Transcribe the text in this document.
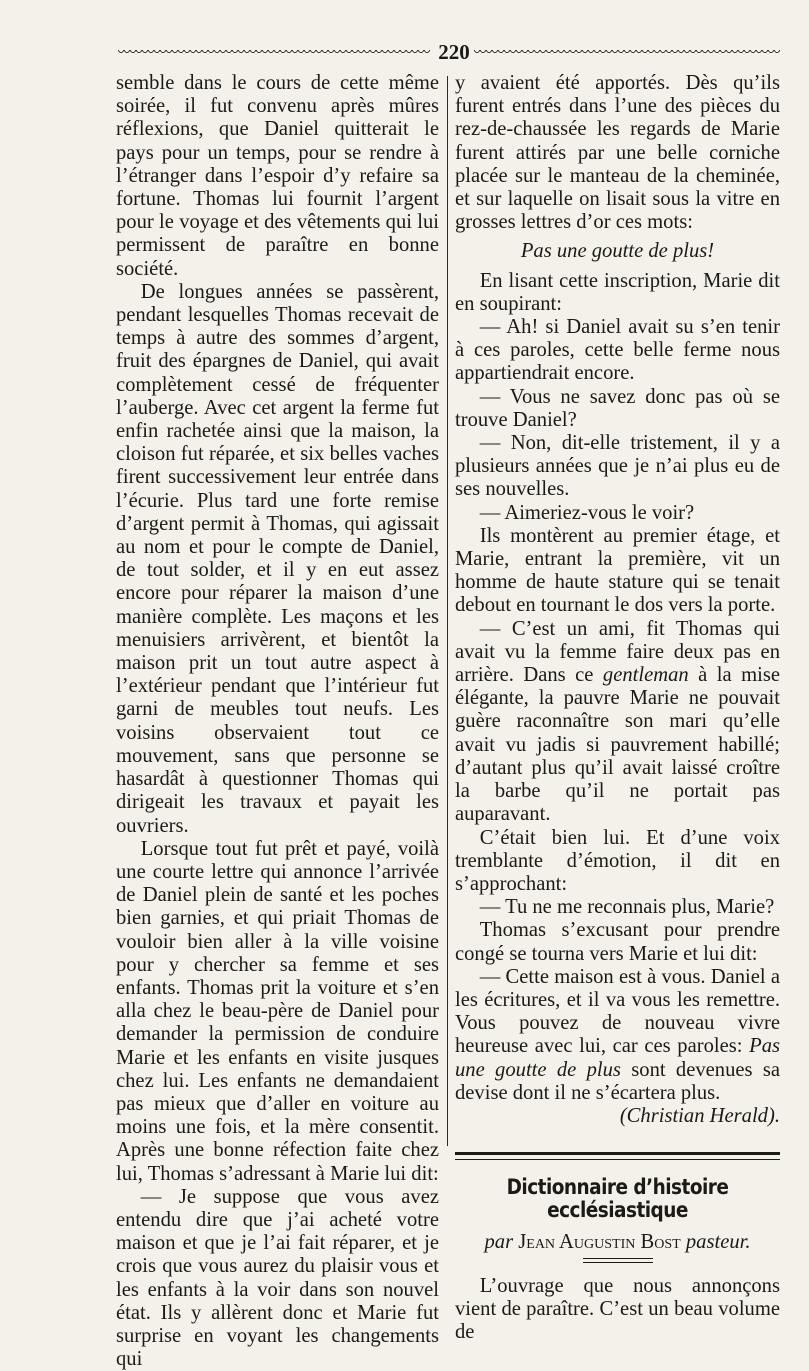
220

semble dans le cours de cette même soirée, il fut convenu après mûres réflexions, que Daniel quitterait le pays pour un temps, pour se rendre à l’étranger dans l’espoir d’y refaire sa fortune. Thomas lui fournit l’argent pour le voyage et des vêtements qui lui permissent de paraître en bonne société.

De longues années se passèrent, pendant lesquelles Thomas recevait de temps à autre des sommes d’argent, fruit des épargnes de Daniel, qui avait complètement cessé de fréquenter l’auberge. Avec cet argent la ferme fut enfin rachetée ainsi que la maison, la cloison fut réparée, et six belles vaches firent successivement leur entrée dans l’écurie. Plus tard une forte remise d’argent permit à Thomas, qui agissait au nom et pour le compte de Daniel, de tout solder, et il y en eut assez encore pour réparer la maison d’une manière complète. Les maçons et les menuisiers arrivèrent, et bientôt la maison prit un tout autre aspect à l’extérieur pendant que l’intérieur fut garni de meubles tout neufs. Les voisins observaient tout ce mouvement, sans que personne se hasardât à questionner Thomas qui dirigeait les travaux et payait les ouvriers.

Lorsque tout fut prêt et payé, voilà une courte lettre qui annonce l’arrivée de Daniel plein de santé et les poches bien garnies, et qui priait Thomas de vouloir bien aller à la ville voisine pour y chercher sa femme et ses enfants. Thomas prit la voiture et s’en alla chez le beau-père de Daniel pour demander la permission de conduire Marie et les enfants en visite jusques chez lui. Les enfants ne demandaient pas mieux que d’aller en voiture au moins une fois, et la mère consentit. Après une bonne réfection faite chez lui, Thomas s’adressant à Marie lui dit:

— Je suppose que vous avez entendu dire que j’ai acheté votre maison et que je l’ai fait réparer, et je crois que vous aurez du plaisir vous et les enfants à la voir dans son nouvel état. Ils y allèrent donc et Marie fut surprise en voyant les changements qui

y avaient été apportés. Dès qu’ils furent entrés dans l’une des pièces du rez-de-chaussée les regards de Marie furent attirés par une belle corniche placée sur le manteau de la cheminée, et sur laquelle on lisait sous la vitre en grosses lettres d’or ces mots:

Pas une goutte de plus!

En lisant cette inscription, Marie dit en soupirant:

— Ah! si Daniel avait su s’en tenir à ces paroles, cette belle ferme nous appartiendrait encore.

— Vous ne savez donc pas où se trouve Daniel?

— Non, dit-elle tristement, il y a plusieurs années que je n’ai plus eu de ses nouvelles.

— Aimeriez-vous le voir?

Ils montèrent au premier étage, et Marie, entrant la première, vit un homme de haute stature qui se tenait debout en tournant le dos vers la porte.

— C’est un ami, fit Thomas qui avait vu la femme faire deux pas en arrière. Dans ce gentleman à la mise élégante, la pauvre Marie ne pouvait guère raconnaître son mari qu’elle avait vu jadis si pauvrement habillé; d’autant plus qu’il avait laissé croître la barbe qu’il ne portait pas auparavant.

C’était bien lui. Et d’une voix tremblante d’émotion, il dit en s’approchant:

— Tu ne me reconnais plus, Marie?

Thomas s’excusant pour prendre congé se tourna vers Marie et lui dit:

— Cette maison est à vous. Daniel a les écritures, et il va vous les remettre. Vous pouvez de nouveau vivre heureuse avec lui, car ces paroles: Pas une goutte de plus sont devenues sa devise dont il ne s’écartera plus.

(Christian Herald).

Dictionnaire d’histoire ecclésiastique
par Jean Augustin Bost pasteur.

L’ouvrage que nous annonçons vient de paraître. C’est un beau volume de
